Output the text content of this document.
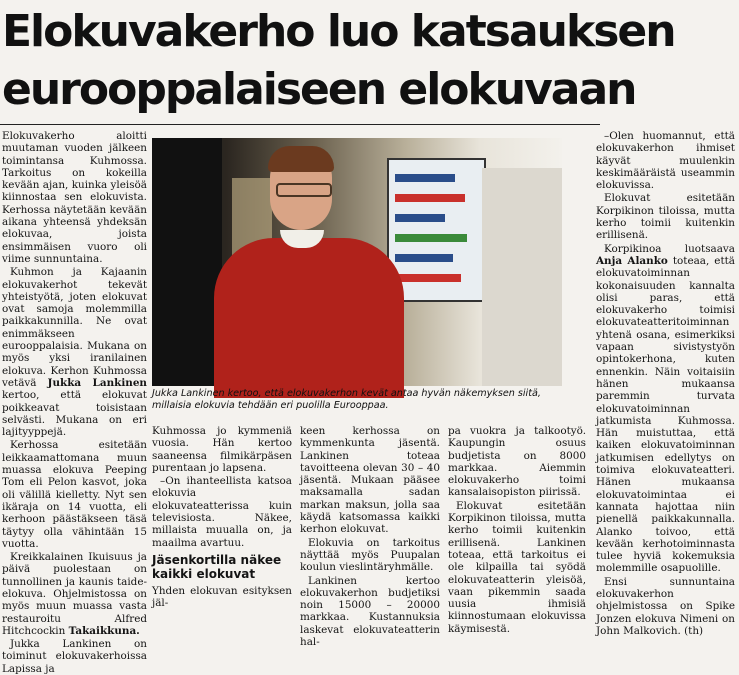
Elokuvakerho luo katsauksen
eurooppalaiseen elokuvaan

Elokuvakerho aloitti muutaman vuoden jälkeen toimintansa Kuhmossa. Tarkoitus on kokeilla kevään ajan, kuinka yleisöä kiinnostaa sen elokuvista. Kerhossa näytetään kevään aikana yhteensä yhdeksän elokuvaa, joista ensimmäisen vuoro oli viime sunnuntaina.

Kuhmon ja Kajaanin elokuvakerhot tekevät yhteistyötä, joten elokuvat ovat samoja molemmilla paikkakunnilla. Ne ovat enimmäkseen eurooppalaisia. Mukana on myös yksi iranilainen elokuva. Kerhon Kuhmossa vetävä Jukka Lankinen kertoo, että elokuvat poikkeavat toisistaan selvästi. Mukana on eri lajityyppejä.

Kerhossa esitetään leikkaamattomana muun muassa elokuva Peeping Tom eli Pelon kasvot, joka oli välillä kielletty. Nyt sen ikäraja on 14 vuotta, eli kerhoon päästäkseen täsä täytyy olla vähintään 15 vuotta.

Kreikkalainen Ikuisuus ja päivä puolestaan on tunnollinen ja kaunis taide-elokuva. Ohjelmistossa on myös muun muassa vasta restauroitu Alfred Hitchcockin Takaikkuna.

Jukka Lankinen on toiminut elokuvakerhoissa Lapissa ja

Jukka Lankinen kertoo, että elokuvakerhon kevät antaa hyvän näkemyksen siitä, millaisia elokuvia tehdään eri puolilla Eurooppaa.

Kuhmossa jo kymmeniä vuosia. Hän kertoo saaneensa filmikärpäsen purentaan jo lapsena.

–On ihanteellista katsoa elokuvia elokuvateatterissa kuin televisiosta. Näkee, millaista muualla on, ja maailma avartuu.

Jäsenkortilla näkee kaikki elokuvat

Yhden elokuvan esityksen jäl-

keen kerhossa on kymmenkunta jäsentä. Lankinen toteaa tavoitteena olevan 30 – 40 jäsentä. Mukaan pääsee maksamalla sadan markan maksun, jolla saa käydä katsomassa kaikki kerhon elokuvat.

Elokuvia on tarkoitus näyttää myös Puupalan koulun vieslintäryhmälle.

Lankinen kertoo elokuvakerhon budjetiksi noin 15000 – 20000 markkaa. Kustannuksia laskevat elokuvateatterin hal-

pa vuokra ja talkootyö. Kaupungin osuus budjetista on 8000 markkaa. Aiemmin elokuvakerho toimi kansalaisopiston piirissä.

Elokuvat esitetään Korpikinon tiloissa, mutta kerho toimii kuitenkin erillisenä. Lankinen toteaa, että tarkoitus ei ole kilpailla tai syödä elokuvateatterin yleisöä, vaan pikemmin saada uusia ihmisiä kiinnostumaan elokuvissa käymisestä.

–Olen huomannut, että elokuvakerhon ihmiset käyvät muulenkin keskimääräistä useammin elokuvissa.

Elokuvat esitetään Korpikinon tiloissa, mutta kerho toimii kuitenkin erillisenä.

Korpikinoa luotsaava Anja Alanko toteaa, että elokuvatoiminnan kokonaisuuden kannalta olisi paras, että elokuvakerho toimisi elokuvateatteritoiminnan yhtenä osana, esimerkiksi vapaan sivistystyön opintokerhona, kuten ennenkin. Näin voitaisiin hänen mukaansa paremmin turvata elokuvatoiminnan jatkumista Kuhmossa. Hän muistuttaa, että kaiken elokuvatoiminnan jatkumisen edellytys on toimiva elokuvateatteri. Hänen mukaansa elokuvatoimintaa ei kannata hajottaa niin pienellä paikkakunnalla. Alanko toivoo, että kevään kerhotoiminnasta tulee hyviä kokemuksia molemmille osapuolille.

Ensi sunnuntaina elokuvakerhon ohjelmistossa on Spike Jonzen elokuva Nimeni on John Malkovich. (th)
